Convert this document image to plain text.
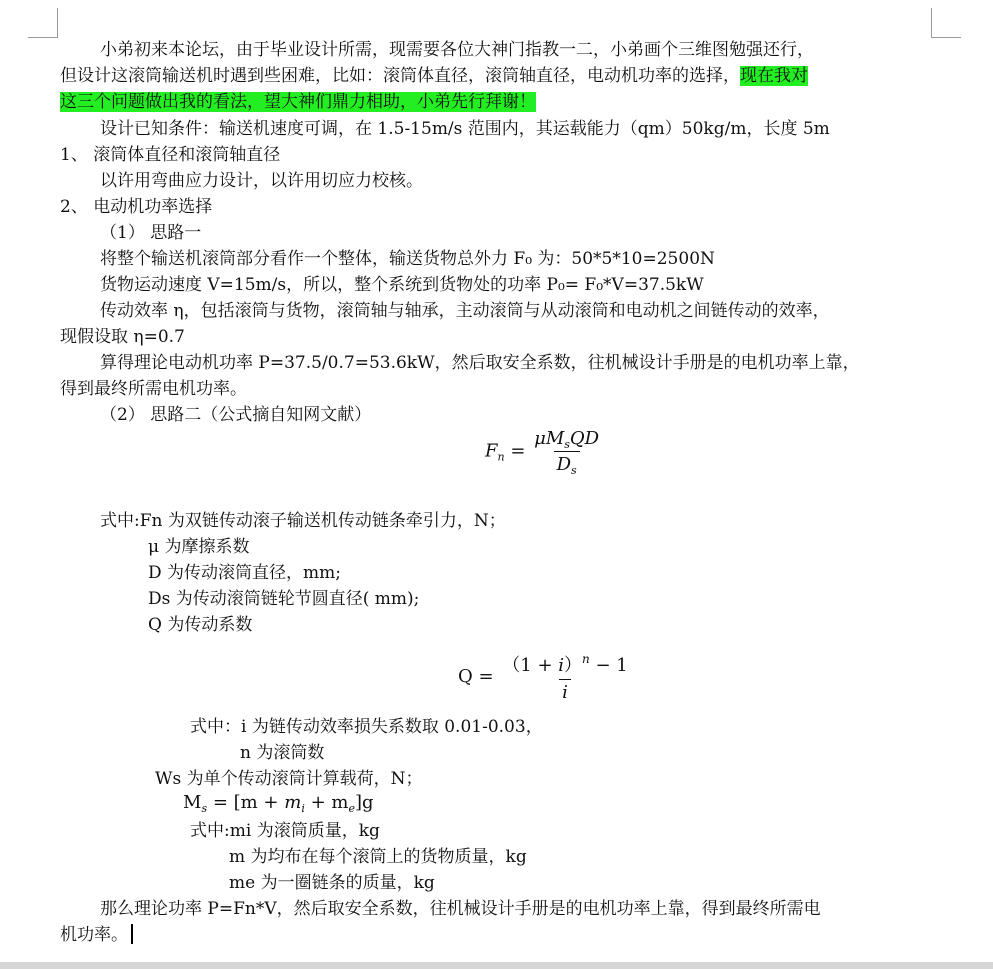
小弟初来本论坛，由于毕业设计所需，现需要各位大神门指教一二，小弟画个三维图勉强还行，
但设计这滚筒输送机时遇到些困难，比如：滚筒体直径，滚筒轴直径，电动机功率的选择，现在我对
这三个问题做出我的看法，望大神们鼎力相助，小弟先行拜谢！
设计已知条件：输送机速度可调，在 1.5-15m/s 范围内，其运载能力（qm）50kg/m，长度 5m
1、 滚筒体直径和滚筒轴直径
以许用弯曲应力设计，以许用切应力校核。
2、 电动机功率选择
（1） 思路一
将整个输送机滚筒部分看作一个整体，输送货物总外力 F₀ 为：50*5*10=2500N
货物运动速度 V=15m/s，所以，整个系统到货物处的功率 P₀= F₀*V=37.5kW
传动效率 η，包括滚筒与货物，滚筒轴与轴承，主动滚筒与从动滚筒和电动机之间链传动的效率，
现假设取 η=0.7
算得理论电动机功率 P=37.5/0.7=53.6kW，然后取安全系数，往机械设计手册是的电机功率上靠，
得到最终所需电机功率。
（2） 思路二（公式摘自知网文献）
$F_n = \frac{\mu M_sQD}{D_s}$
式中:Fn 为双链传动滚子输送机传动链条牵引力，N；
μ 为摩擦系数
D 为传动滚筒直径，mm;
Ds 为传动滚筒链轮节圆直径( mm);
Q 为传动系数
$Q = \frac{(1 + i)^n - 1}{i}$
式中：i 为链传动效率损失系数取 0.01-0.03，
n 为滚筒数
Ws 为单个传动滚筒计算载荷，N；
$M_s = [m + m_i + m_e]g$
式中:mi 为滚筒质量，kg
m 为均布在每个滚筒上的货物质量，kg
me 为一圈链条的质量，kg
那么理论功率 P=Fn*V，然后取安全系数，往机械设计手册是的电机功率上靠，得到最终所需电
机功率。
